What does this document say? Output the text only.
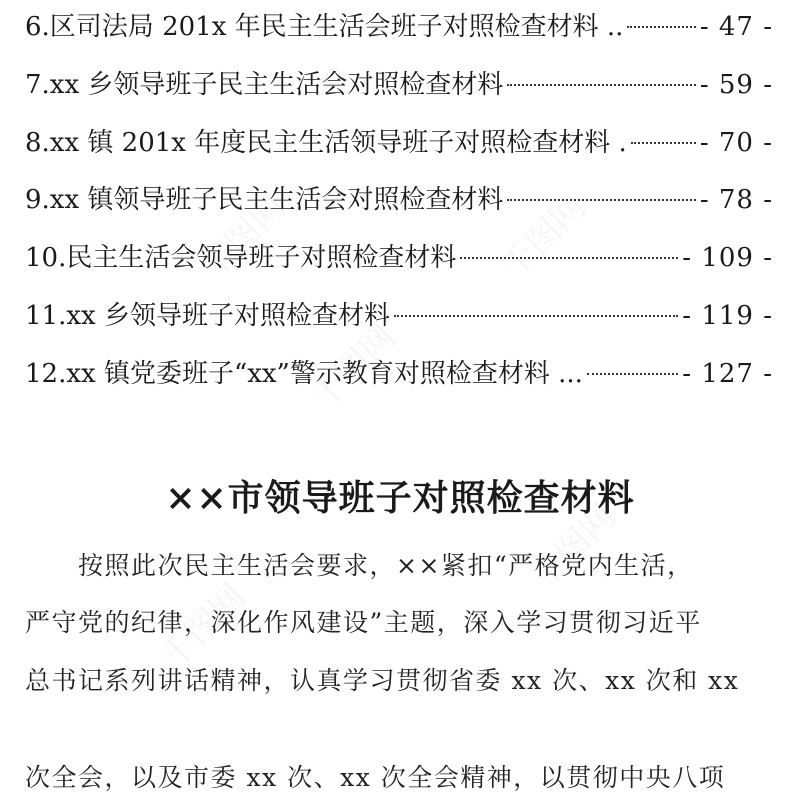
6.区司法局 201x 年民主生活会班子对照检查材料 ..	- 47 -
7.xx 乡领导班子民主生活会对照检查材料	- 59 -
8.xx 镇 201x 年度民主生活领导班子对照检查材料 .	- 70 -
9.xx 镇领导班子民主生活会对照检查材料	- 78 -
10.民主生活会领导班子对照检查材料	- 109 -
11.xx 乡领导班子对照检查材料	- 119 -
12.xx 镇党委班子“xx”警示教育对照检查材料 ...	- 127 -
××市领导班子对照检查材料
　　按照此次民主生活会要求，××紧扣“严格党内生活，
严守党的纪律，深化作风建设”主题，深入学习贯彻习近平
总书记系列讲话精神，认真学习贯彻省委 xx 次、xx 次和 xx
次全会，以及市委 xx 次、xx 次全会精神，以贯彻中央八项
千图网	千图网
千图网
千图网
千图网
